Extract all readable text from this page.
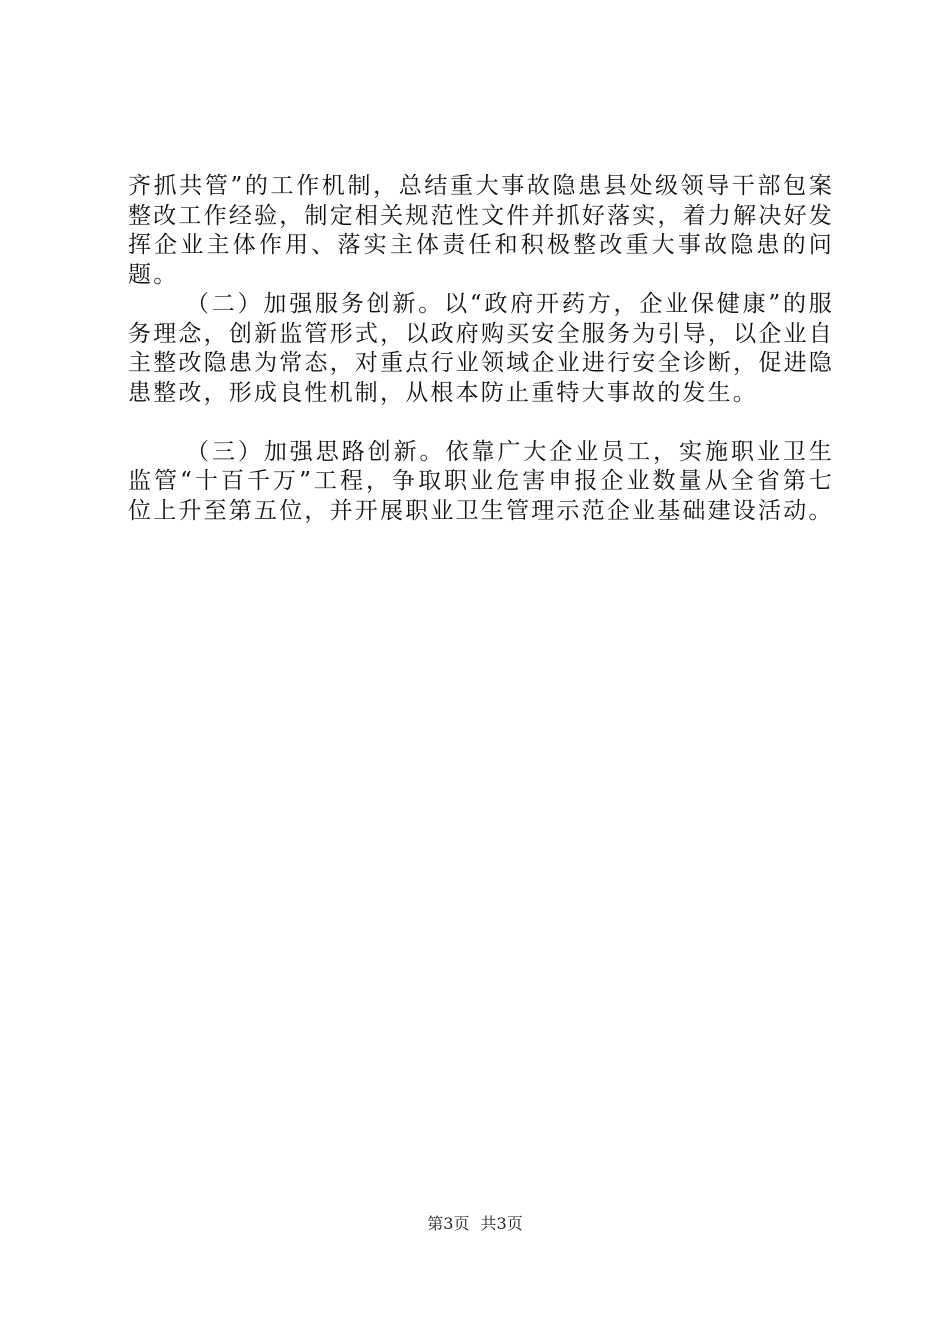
齐抓共管”的工作机制，总结重大事故隐患县处级领导干部包案整改工作经验，制定相关规范性文件并抓好落实，着力解决好发挥企业主体作用、落实主体责任和积极整改重大事故隐患的问题。

（二）加强服务创新。以“政府开药方，企业保健康”的服务理念，创新监管形式，以政府购买安全服务为引导，以企业自主整改隐患为常态，对重点行业领域企业进行安全诊断，促进隐患整改，形成良性机制，从根本防止重特大事故的发生。

（三）加强思路创新。依靠广大企业员工，实施职业卫生监管“十百千万”工程，争取职业危害申报企业数量从全省第七位上升至第五位，并开展职业卫生管理示范企业基础建设活动。

第3页 共3页
